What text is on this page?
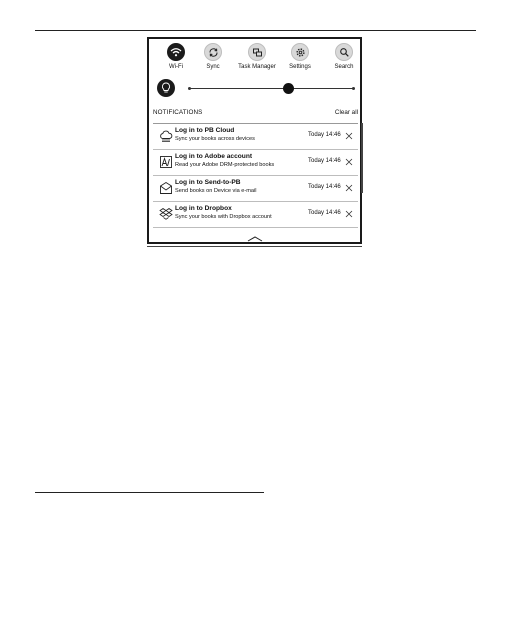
Wi-Fi	Sync	Task Manager	Settings	Search
NOTIFICATIONS	Clear all
Log in to PB Cloud
Sync your books across devices
Today 14:46
Log in to Adobe account
Read your Adobe DRM-protected books
Today 14:46
Log in to Send-to-PB
Send books on Device via e-mail
Today 14:46
Log in to Dropbox
Sync your books with Dropbox account
Today 14:46
